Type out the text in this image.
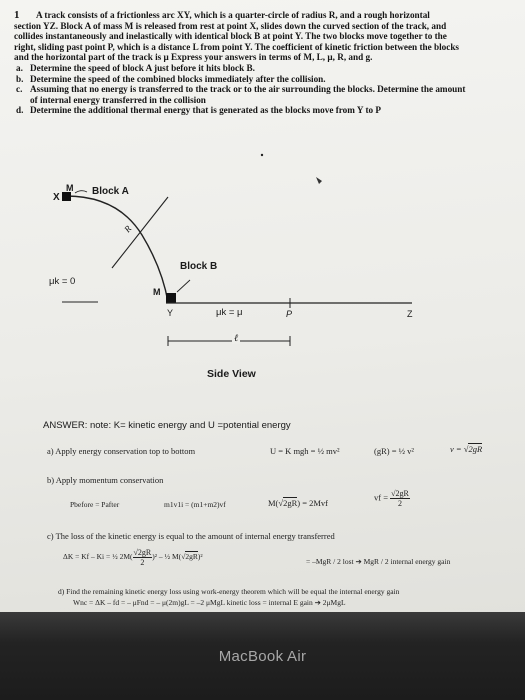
1 A track consists of a frictionless arc XY, which is a quarter-circle of radius R, and a rough horizontal
section YZ. Block A of mass M is released from rest at point X, slides down the curved section of the track, and
collides instantaneously and inelastically with identical block B at point Y. The two blocks move together to the
right, sliding past point P, which is a distance L from point Y. The coefficient of kinetic friction between the blocks
and the horizontal part of the track is μ Express your answers in terms of M, L, μ, R, and g.
a. Determine the speed of block A just before it hits block B.
b. Determine the speed of the combined blocks immediately after the collision.
c. Assuming that no energy is transferred to the track or to the air surrounding the blocks. Determine the amount
of internal energy transferred in the collision
d. Determine the additional thermal energy that is generated as the blocks move from Y to P
X
M Block A
R
Block B
M
μk = 0
Y	μk = μ	P	Z
ℓ
Side View
ANSWER: note: K= kinetic energy and U =potential energy
a) Apply energy conservation top to bottom	U = K mgh = ½ mv²	(gR) = ½ v²	v = √2gR
b) Apply momentum conservation
Pbefore = Pafter	m1v1i = (m1+m2)vf	M(√2gR) = 2Mvf
vf = $\frac{√2gR}{2}$
c) The loss of the kinetic energy is equal to the amount of internal energy transferred
ΔK = Kf – Ki = ½ $2M( \frac{√2gR}{2} )^2$ – ½ M(√2gR)²
= –MgR / 2 lost ➔ MgR / 2 internal energy gain
d) Find the remaining kinetic energy loss using work-energy theorem which will be equal the internal energy gain
Wnc = ΔK – fd = – μFnd = – μ(2m)gL = –2 μMgL kinetic loss = internal E gain ➔ 2μMgL
MacBook Air
